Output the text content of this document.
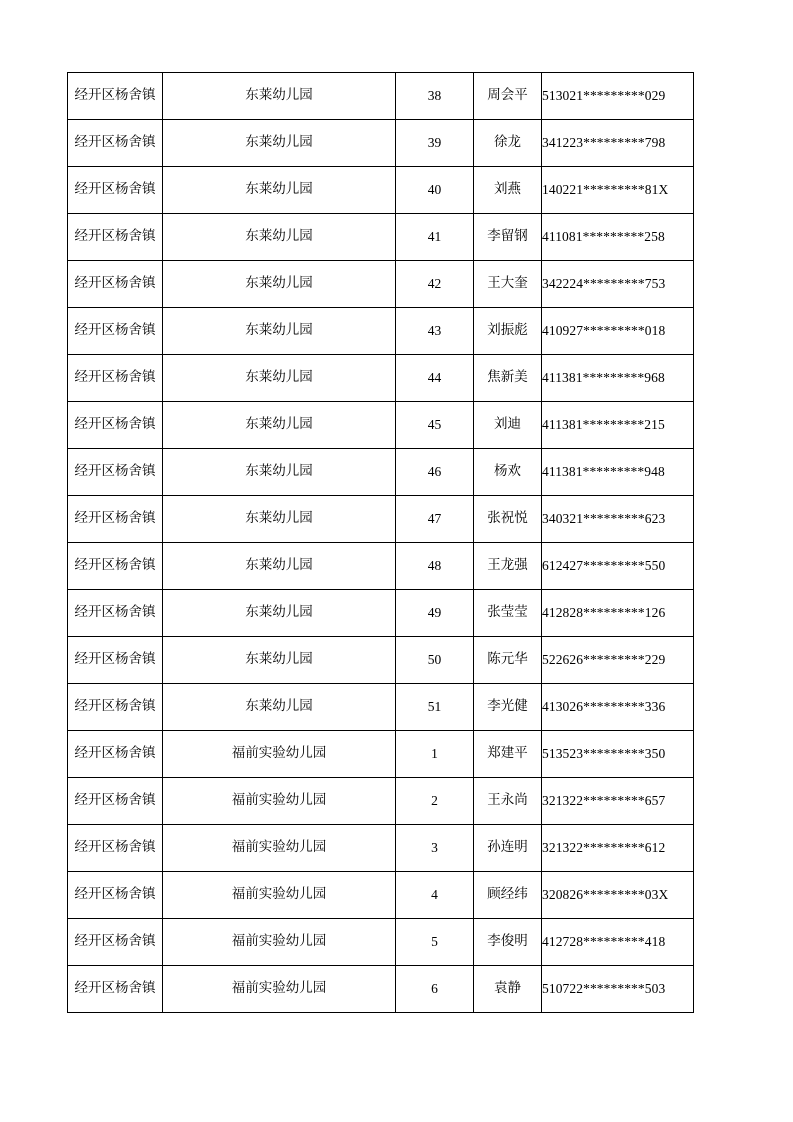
经开区杨舍镇	东莱幼儿园	38	周会平	513021*********029
经开区杨舍镇	东莱幼儿园	39	徐龙	341223*********798
经开区杨舍镇	东莱幼儿园	40	刘燕	140221*********81X
经开区杨舍镇	东莱幼儿园	41	李留钢	411081*********258
经开区杨舍镇	东莱幼儿园	42	王大奎	342224*********753
经开区杨舍镇	东莱幼儿园	43	刘振彪	410927*********018
经开区杨舍镇	东莱幼儿园	44	焦新美	411381*********968
经开区杨舍镇	东莱幼儿园	45	刘迪	411381*********215
经开区杨舍镇	东莱幼儿园	46	杨欢	411381*********948
经开区杨舍镇	东莱幼儿园	47	张祝悦	340321*********623
经开区杨舍镇	东莱幼儿园	48	王龙强	612427*********550
经开区杨舍镇	东莱幼儿园	49	张莹莹	412828*********126
经开区杨舍镇	东莱幼儿园	50	陈元华	522626*********229
经开区杨舍镇	东莱幼儿园	51	李光健	413026*********336
经开区杨舍镇	福前实验幼儿园	1	郑建平	513523*********350
经开区杨舍镇	福前实验幼儿园	2	王永尚	321322*********657
经开区杨舍镇	福前实验幼儿园	3	孙连明	321322*********612
经开区杨舍镇	福前实验幼儿园	4	顾经纬	320826*********03X
经开区杨舍镇	福前实验幼儿园	5	李俊明	412728*********418
经开区杨舍镇	福前实验幼儿园	6	袁静	510722*********503
